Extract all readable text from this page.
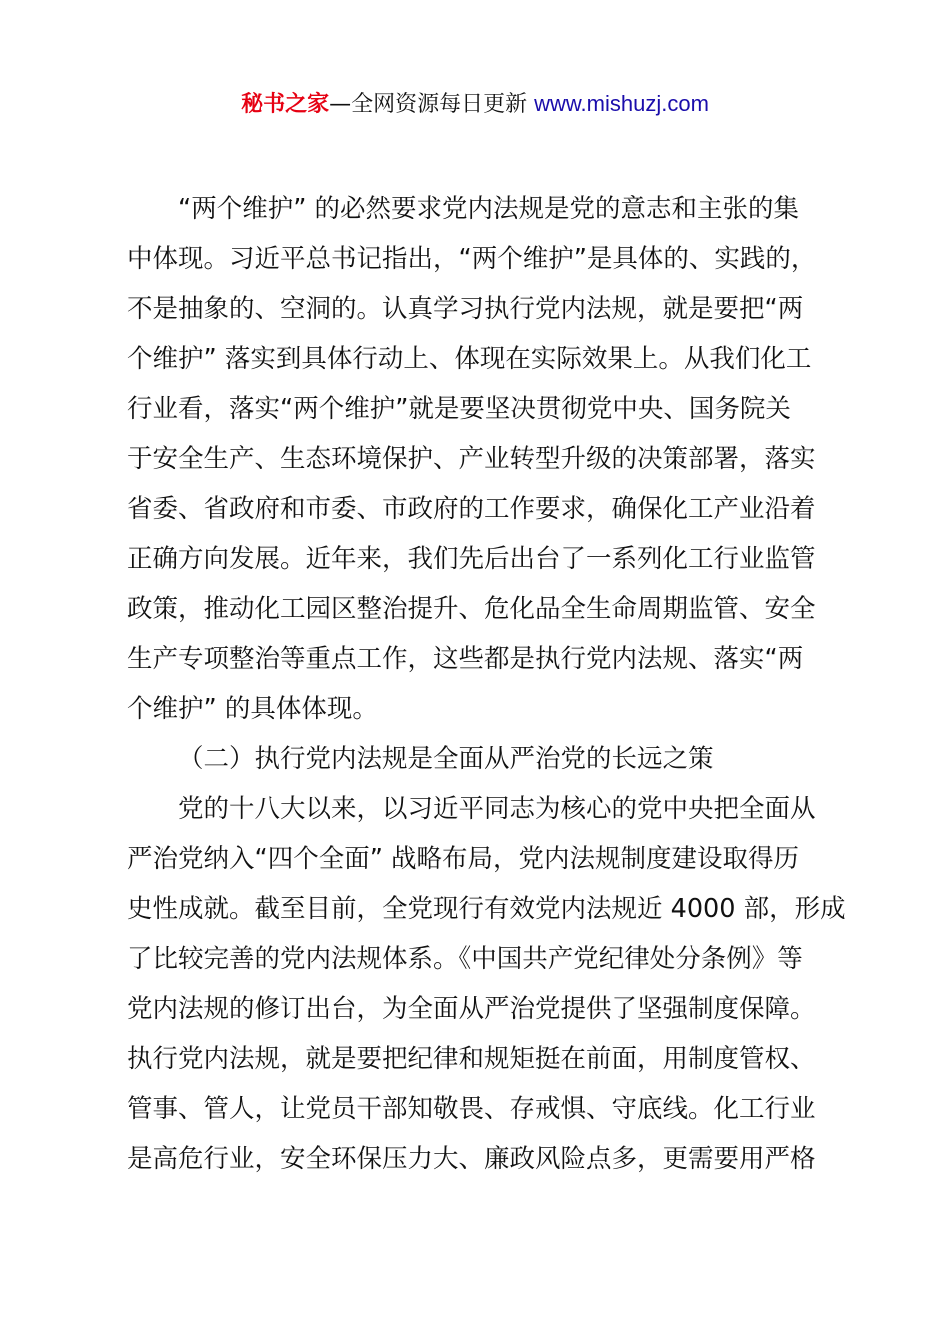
秘书之家—全网资源每日更新 www.mishuzj.com
“两个维护” 的必然要求党内法规是党的意志和主张的集
中体现。习近平总书记指出，“两个维护”是具体的、实践的，
不是抽象的、空洞的。认真学习执行党内法规，就是要把“两
个维护” 落实到具体行动上、体现在实际效果上。从我们化工
行业看，落实“两个维护”就是要坚决贯彻党中央、国务院关
于安全生产、生态环境保护、产业转型升级的决策部署，落实
省委、省政府和市委、市政府的工作要求，确保化工产业沿着
正确方向发展。近年来，我们先后出台了一系列化工行业监管
政策，推动化工园区整治提升、危化品全生命周期监管、安全
生产专项整治等重点工作，这些都是执行党内法规、落实“两
个维护” 的具体体现。
（二）执行党内法规是全面从严治党的长远之策
党的十八大以来，以习近平同志为核心的党中央把全面从
严治党纳入“四个全面” 战略布局，党内法规制度建设取得历
史性成就。截至目前，全党现行有效党内法规近 4000 部，形成
了比较完善的党内法规体系。《中国共产党纪律处分条例》等
党内法规的修订出台，为全面从严治党提供了坚强制度保障。
执行党内法规，就是要把纪律和规矩挺在前面，用制度管权、
管事、管人，让党员干部知敬畏、存戒惧、守底线。化工行业
是高危行业，安全环保压力大、廉政风险点多，更需要用严格
